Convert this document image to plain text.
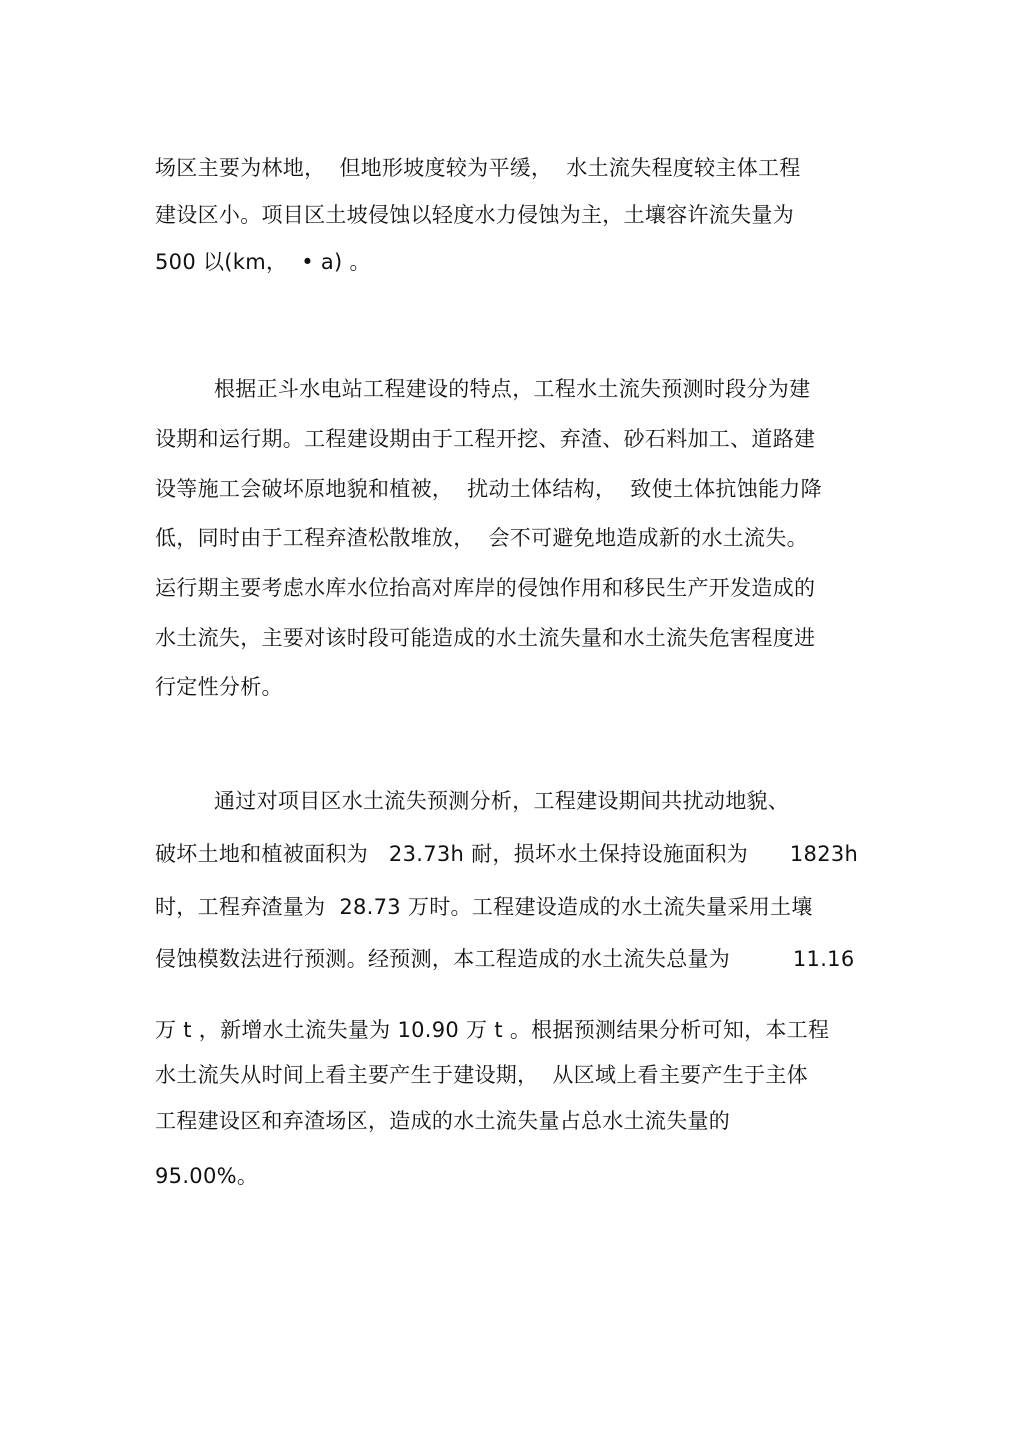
场区主要为林地，  但地形坡度较为平缓，  水土流失程度较主体工程
建设区小。项目区土坡侵蚀以轻度水力侵蚀为主，土壤容许流失量为
500 以(km，  • a) 。
根据正斗水电站工程建设的特点，工程水土流失预测时段分为建
设期和运行期。工程建设期由于工程开挖、弃渣、砂石料加工、道路建
设等施工会破坏原地貌和植被，  扰动土体结构，  致使土体抗蚀能力降
低，同时由于工程弃渣松散堆放，  会不可避免地造成新的水土流失。
运行期主要考虑水库水位抬高对库岸的侵蚀作用和移民生产开发造成的
水土流失，主要对该时段可能造成的水土流失量和水土流失危害程度进
行定性分析。
通过对项目区水土流失预测分析，工程建设期间共扰动地貌、
破坏土地和植被面积为   23.73h 耐，损坏水土保持设施面积为      1823h
时，工程弃渣量为  28.73 万时。工程建设造成的水土流失量采用土壤
侵蚀模数法进行预测。经预测，本工程造成的水土流失总量为         11.16
万 t ，新增水土流失量为 10.90 万 t 。根据预测结果分析可知，本工程
水土流失从时间上看主要产生于建设期，  从区域上看主要产生于主体
工程建设区和弃渣场区，造成的水土流失量占总水土流失量的
95.00%。
